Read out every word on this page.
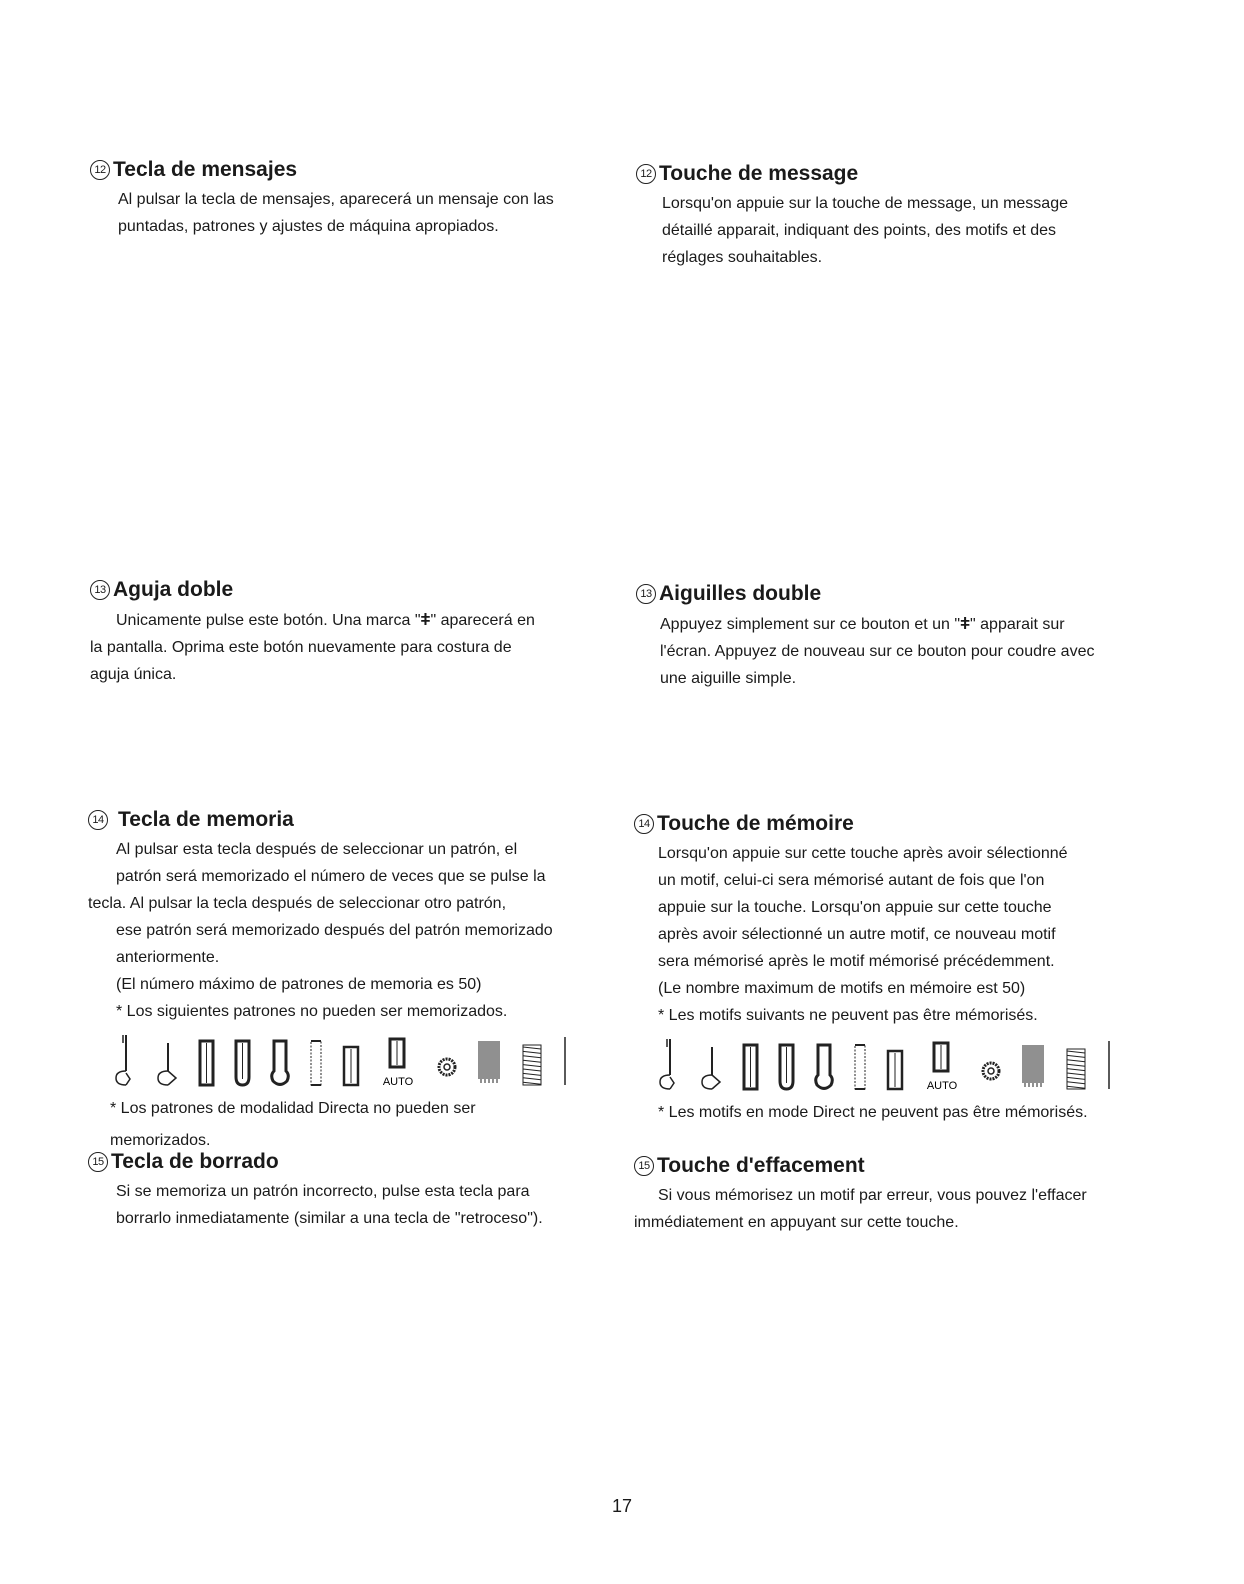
12 Tecla de mensajes

Al pulsar la tecla de mensajes, aparecerá un mensaje con las

puntadas, patrones y ajustes de máquina apropiados.

13 Aguja doble

Unicamente pulse este botón. Una marca "ǂ" aparecerá en

la pantalla. Oprima este botón nuevamente para costura de

aguja única.

14 Tecla de memoria

Al pulsar esta tecla después de seleccionar un patrón, el

patrón será memorizado el número de veces que se pulse la

tecla. Al pulsar la tecla después de seleccionar otro patrón,

ese patrón será memorizado después del patrón memorizado

anteriormente.

(El número máximo de patrones de memoria es 50)

* Los siguientes patrones no pueden ser memorizados.

AUTO

* Los patrones de modalidad Directa no pueden ser

memorizados.
15 Tecla de borrado

Si se memoriza un patrón incorrecto, pulse esta tecla para

borrarlo inmediatamente (similar a una tecla de "retroceso").

12 Touche de message

Lorsqu'on appuie sur la touche de message, un message

détaillé apparait, indiquant des points, des motifs et des

réglages souhaitables.

13 Aiguilles double

Appuyez simplement sur ce bouton et un "ǂ" apparait sur

l'écran. Appuyez de nouveau sur ce bouton pour coudre avec

une aiguille simple.

14 Touche de mémoire

Lorsqu'on appuie sur cette touche après avoir sélectionné

un motif, celui-ci sera mémorisé autant de fois que l'on

appuie sur la touche. Lorsqu'on appuie sur cette touche

après avoir sélectionné un autre motif, ce nouveau motif

sera mémorisé après le motif mémorisé précédemment.

(Le nombre maximum de motifs en mémoire est 50)

* Les motifs suivants ne peuvent pas être mémorisés.

AUTO

* Les motifs en mode Direct ne peuvent pas être mémorisés.

15 Touche d'effacement

Si vous mémorisez un motif par erreur, vous pouvez l'effacer

immédiatement en appuyant sur cette touche.

17
